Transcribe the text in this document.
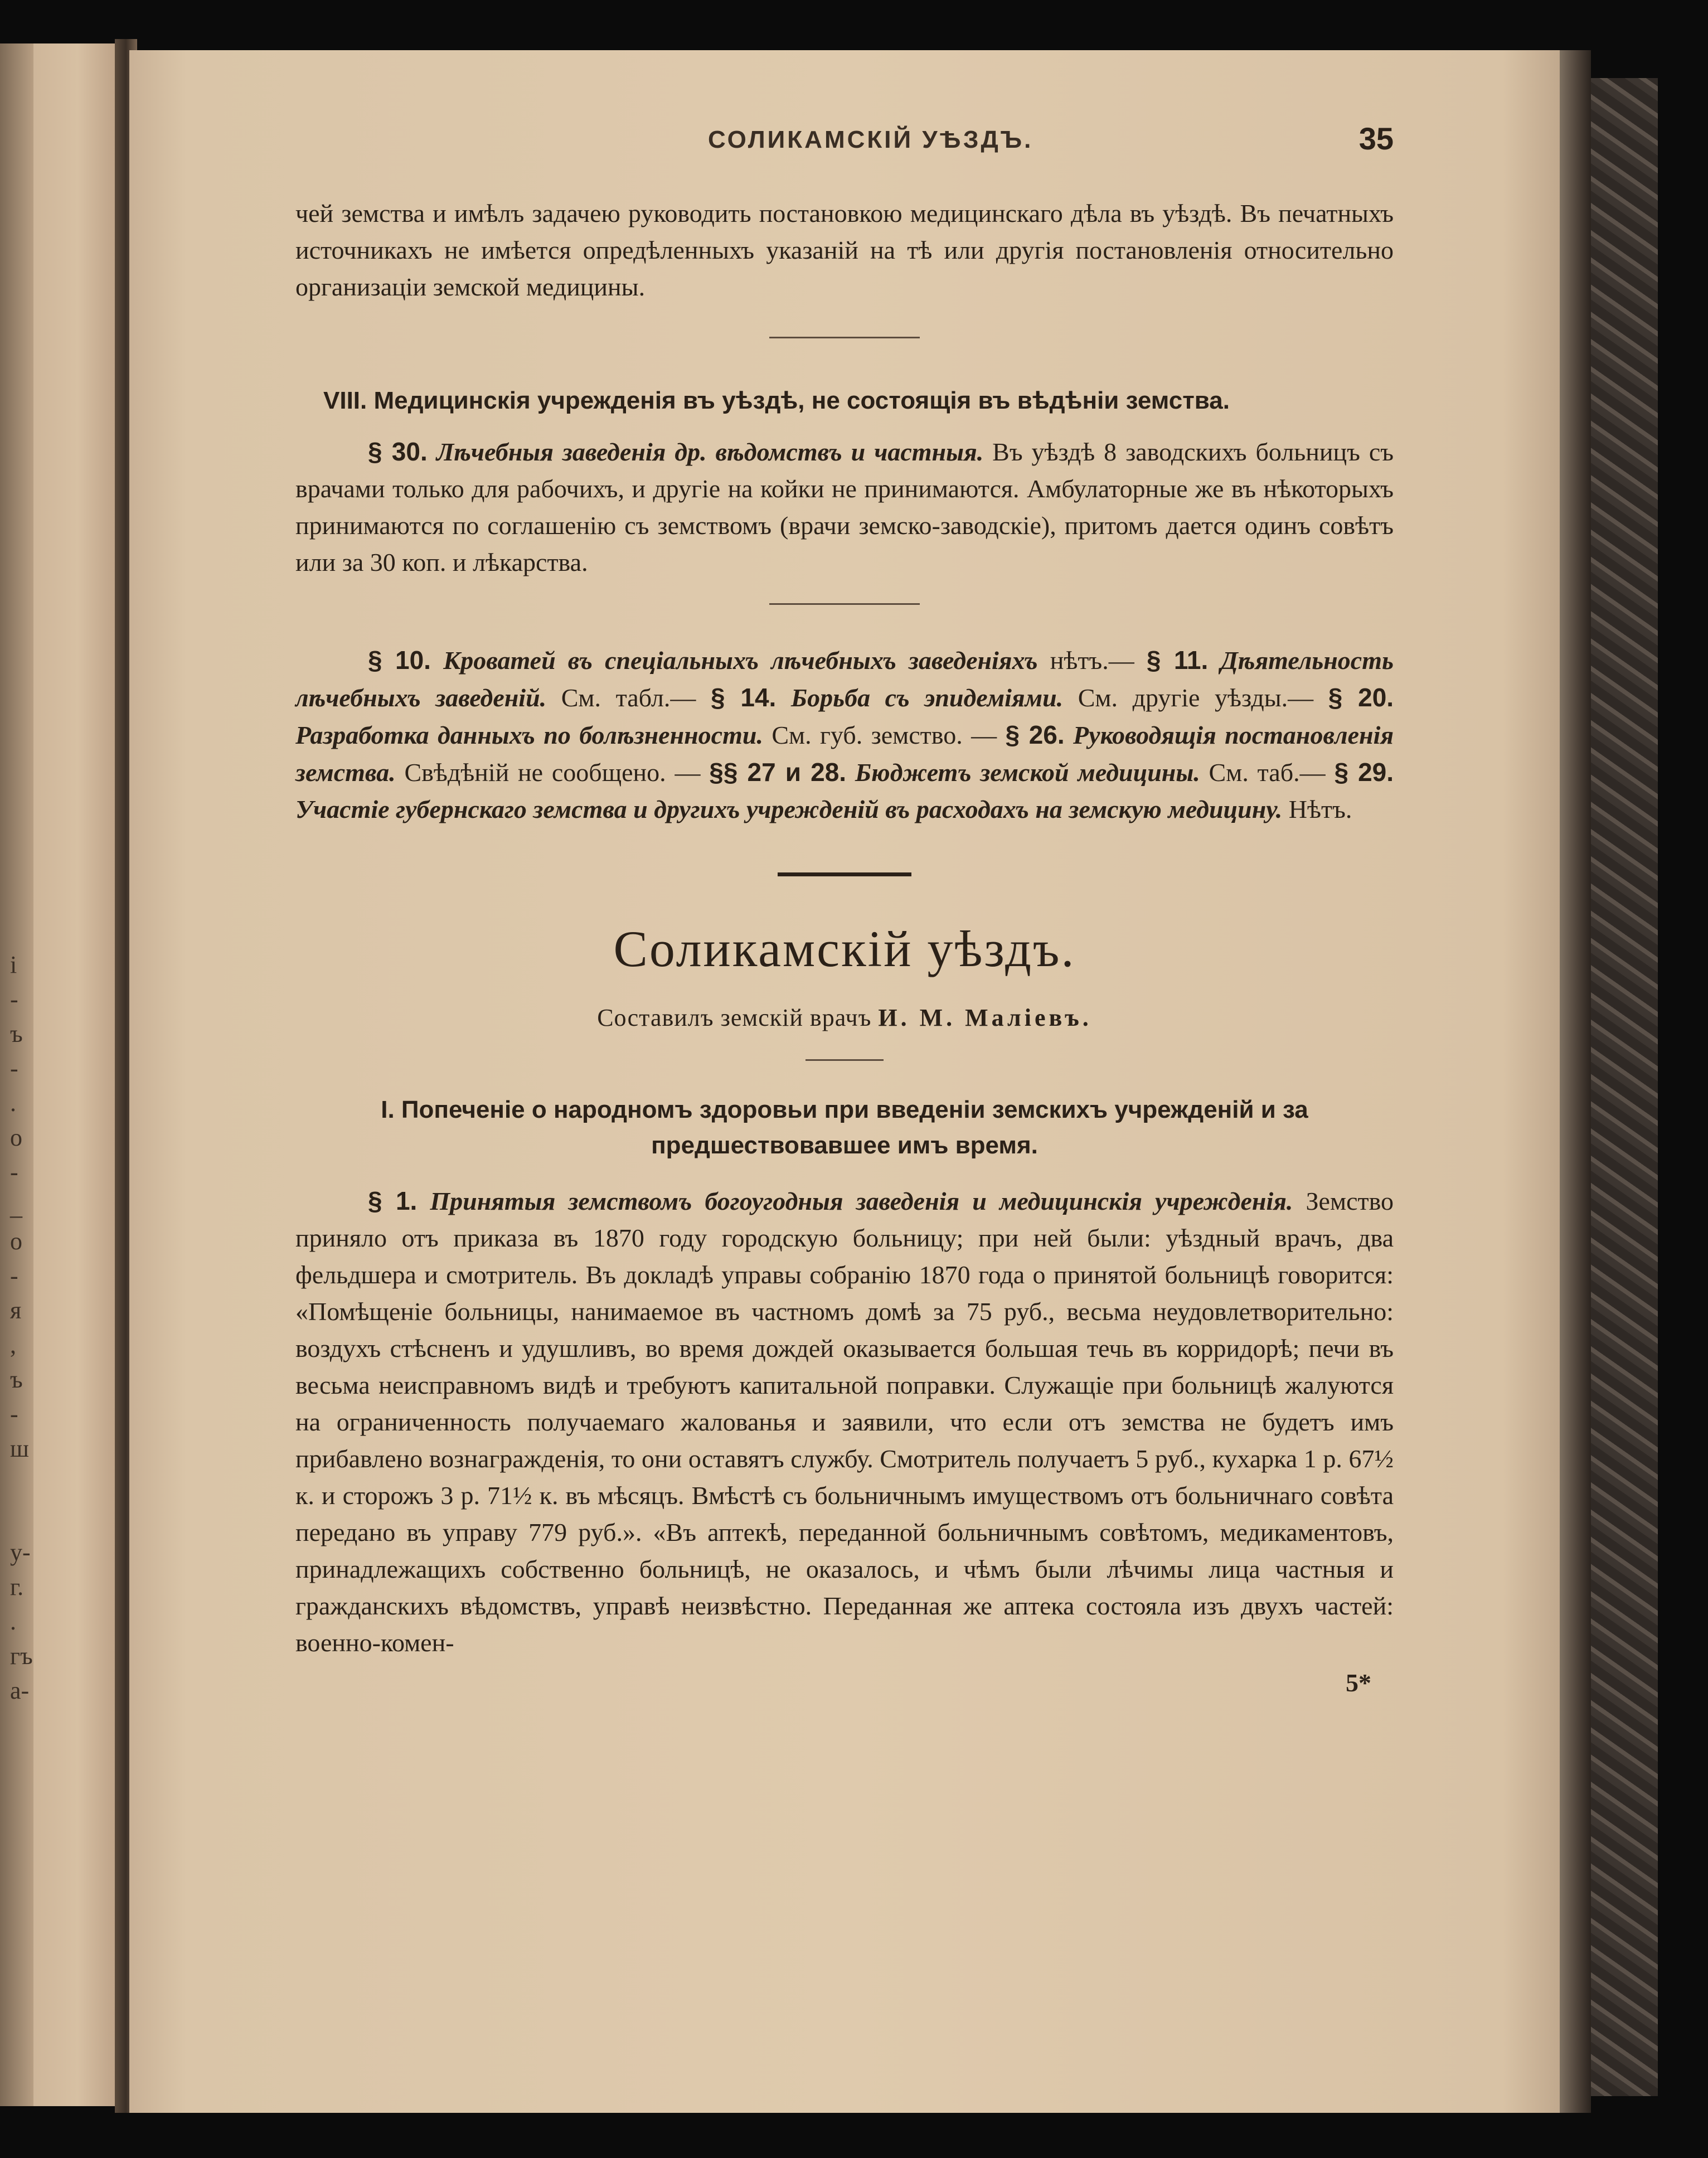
і
-
ъ
-
.
о
-
_
о
-
я
,
ъ
-
ш
у-
г.
.
гъ
а-
СОЛИКАМСКІЙ УѢЗДЪ.	35

чей земства и имѣлъ задачею руководить постановкою медицинскаго дѣла въ уѣздѣ. Въ печатныхъ источникахъ не имѣется опредѣленныхъ указаній на тѣ или другія постановленія относительно организаціи земской медицины.

VIII. Медицинскія учрежденія въ уѣздѣ, не состоящія въ вѣдѣніи земства.

§ 30. Лѣчебныя заведенія др. вѣдомствъ и частныя. Въ уѣздѣ 8 заводскихъ больницъ съ врачами только для рабочихъ, и другіе на койки не принимаются. Амбулаторные же въ нѣкоторыхъ принимаются по соглашенію съ земствомъ (врачи земско-заводскіе), притомъ дается одинъ совѣтъ или за 30 коп. и лѣкарства.

§ 10. Кроватей въ спеціальныхъ лѣчебныхъ заведеніяхъ нѣтъ.— § 11. Дѣятельность лѣчебныхъ заведеній. См. табл.— § 14. Борьба съ эпидеміями. См. другіе уѣзды.— § 20. Разработка данныхъ по болѣзненности. См. губ. земство. — § 26. Руководящія постановленія земства. Свѣдѣній не сообщено. — §§ 27 и 28. Бюджетъ земской медицины. См. таб.— § 29. Участіе губернскаго земства и другихъ учрежденій въ расходахъ на земскую медицину. Нѣтъ.

Соликамскій уѣздъ.
Составилъ земскій врачъ И. М. Маліевъ.
I. Попеченіе о народномъ здоровьи при введеніи земскихъ учрежденій и за предшествовавшее имъ время.

§ 1. Принятыя земствомъ богоугодныя заведенія и медицинскія учрежденія. Земство приняло отъ приказа въ 1870 году городскую больницу; при ней были: уѣздный врачъ, два фельдшера и смотритель. Въ докладѣ управы собранію 1870 года о принятой больницѣ говорится: «Помѣщеніе больницы, нанимаемое въ частномъ домѣ за 75 руб., весьма неудовлетворительно: воздухъ стѣсненъ и удушливъ, во время дождей оказывается большая течь въ корридорѣ; печи въ весьма неисправномъ видѣ и требуютъ капитальной поправки. Служащіе при больницѣ жалуются на ограниченность получаемаго жалованья и заявили, что если отъ земства не будетъ имъ прибавлено вознагражденія, то они оставятъ службу. Смотритель получаетъ 5 руб., кухарка 1 р. 67½ к. и сторожъ 3 р. 71½ к. въ мѣсяцъ. Вмѣстѣ съ больничнымъ имуществомъ отъ больничнаго совѣта передано въ управу 779 руб.». «Въ аптекѣ, переданной больничнымъ совѣтомъ, медикаментовъ, принадлежащихъ собственно больницѣ, не оказалось, и чѣмъ были лѣчимы лица частныя и гражданскихъ вѣдомствъ, управѣ неизвѣстно. Переданная же аптека состояла изъ двухъ частей: военно-комен-

5*
